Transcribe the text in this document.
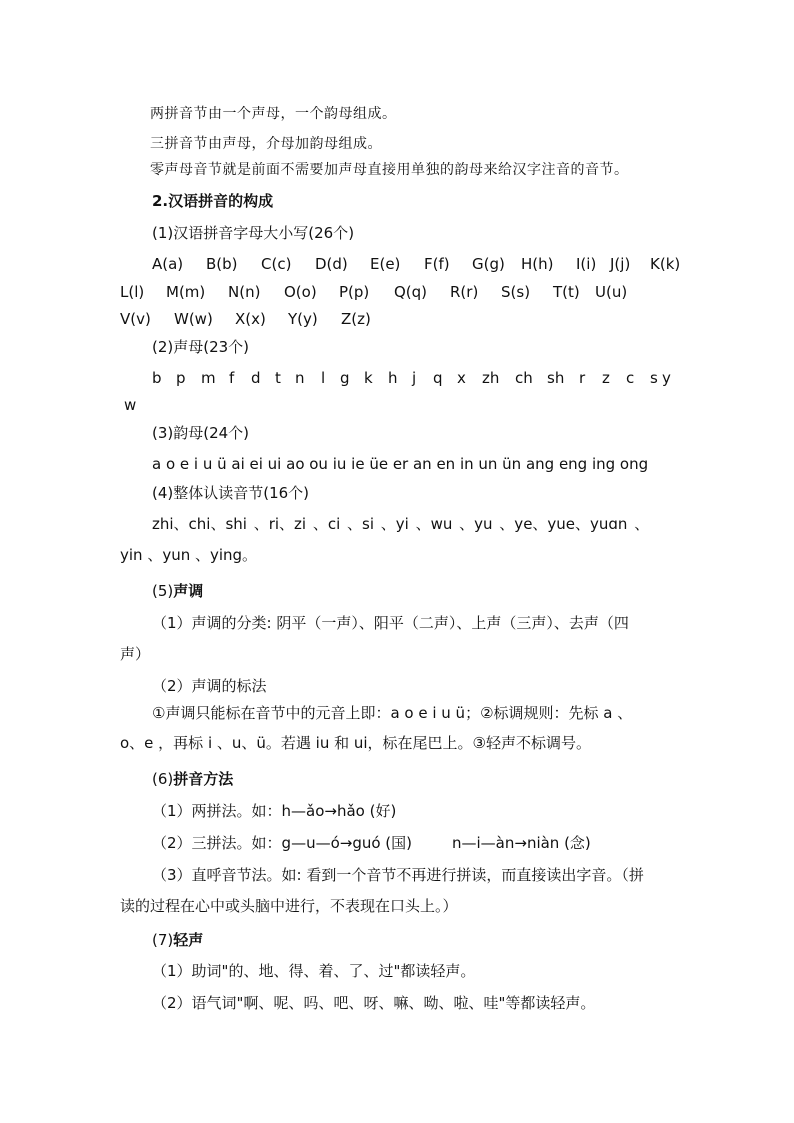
两拼音节由一个声母，一个韵母组成。
三拼音节由声母，介母加韵母组成。
零声母音节就是前面不需要加声母直接用单独的韵母来给汉字注音的音节。
2.汉语拼音的构成
(1)汉语拼音字母大小写(26个)
A(a) B(b) C(c) D(d) E(e) F(f) G(g) H(h) I(i) J(j) K(k)
L(l) M(m) N(n) O(o) P(p) Q(q) R(r) S(s) T(t) U(u)
V(v) W(w) X(x) Y(y) Z(z)
(2)声母(23个)
b p m f d t n l g k h j q x zh ch sh r z c s y
w
(3)韵母(24个)
a o e i u ü ai ei ui ao ou iu ie üe er an en in un ün ang eng ing ong
(4)整体认读音节(16个)
zhi、chi、shi 、ri、zi 、ci 、si 、yi 、wu 、yu 、ye、yue、yuɑn 、
yin 、yun 、ying。
(5)声调
（1）声调的分类: 阴平（一声）、阳平（二声）、上声（三声）、去声（四
声）
（2）声调的标法
①声调只能标在音节中的元音上即：a o e i u ü；②标调规则：先标 a 、
o、e ，再标 i 、u、ü。若遇 iu 和 ui，标在尾巴上。③轻声不标调号。
(6)拼音方法
（1）两拼法。如：h—ǎo→hǎo (好)
（2）三拼法。如：g—u—ó→guó (国)	n—i—àn→niàn (念)
（3）直呼音节法。如: 看到一个音节不再进行拼读，而直接读出字音。（拼
读的过程在心中或头脑中进行，不表现在口头上。）
(7)轻声
（1）助词"的、地、得、着、了、过"都读轻声。
（2）语气词"啊、呢、吗、吧、呀、嘛、呦、啦、哇"等都读轻声。
